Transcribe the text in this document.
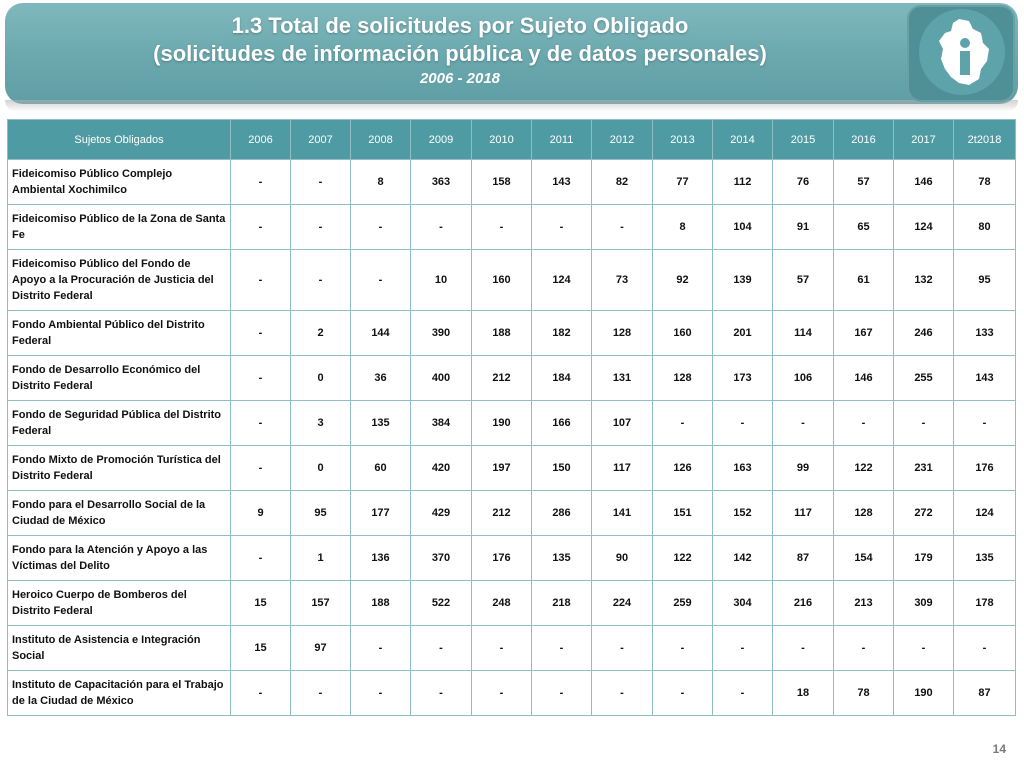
1.3 Total de solicitudes por Sujeto Obligado
(solicitudes de información pública y de datos personales)
2006 - 2018
Sujetos Obligados	2006	2007	2008	2009	2010	2011	2012	2013	2014	2015	2016	2017	2t2018
Fideicomiso Público Complejo Ambiental Xochimilco	-	-	8	363	158	143	82	77	112	76	57	146	78
Fideicomiso Público de la Zona de Santa Fe	-	-	-	-	-	-	-	8	104	91	65	124	80
Fideicomiso Público del Fondo de Apoyo a la Procuración de Justicia del Distrito Federal	-	-	-	10	160	124	73	92	139	57	61	132	95
Fondo Ambiental Público del Distrito Federal	-	2	144	390	188	182	128	160	201	114	167	246	133
Fondo de Desarrollo Económico del Distrito Federal	-	0	36	400	212	184	131	128	173	106	146	255	143
Fondo de Seguridad Pública del Distrito Federal	-	3	135	384	190	166	107	-	-	-	-	-	-
Fondo Mixto de Promoción Turística del Distrito Federal	-	0	60	420	197	150	117	126	163	99	122	231	176
Fondo para el Desarrollo Social de la Ciudad de México	9	95	177	429	212	286	141	151	152	117	128	272	124
Fondo para la Atención y Apoyo a las Víctimas del Delito	-	1	136	370	176	135	90	122	142	87	154	179	135
Heroico Cuerpo de Bomberos del Distrito Federal	15	157	188	522	248	218	224	259	304	216	213	309	178
Instituto de Asistencia e Integración Social	15	97	-	-	-	-	-	-	-	-	-	-	-
Instituto de Capacitación para el Trabajo de la Ciudad de México	-	-	-	-	-	-	-	-	-	18	78	190	87
14
